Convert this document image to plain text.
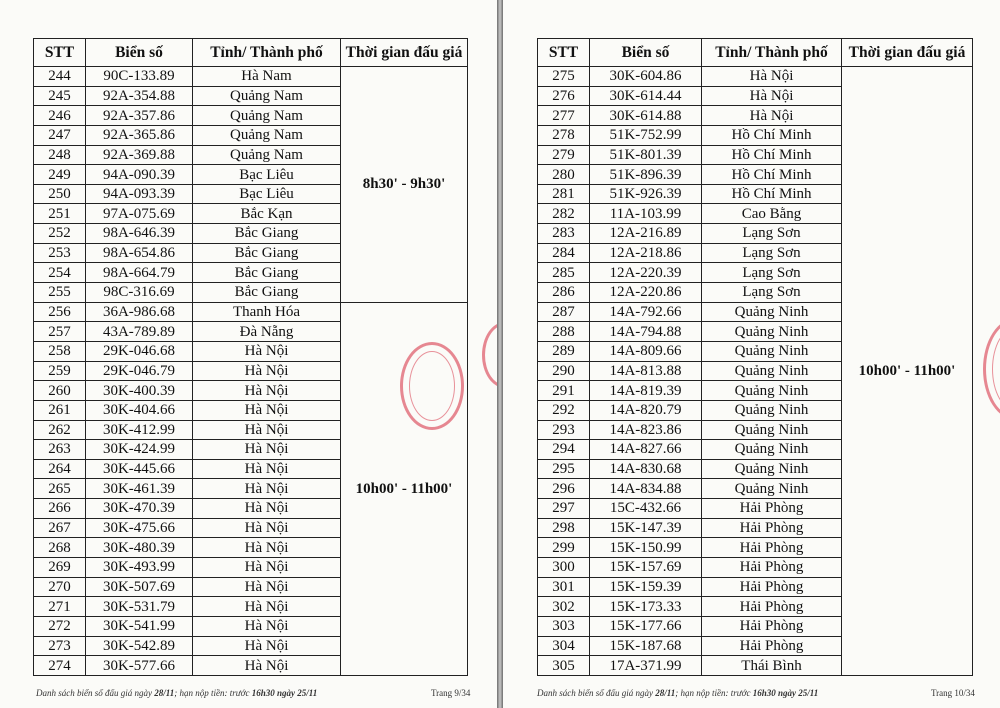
STT	Biển số	Tỉnh/ Thành phố	Thời gian đấu giá
244	90C-133.89	Hà Nam	8h30' - 9h30'
245	92A-354.88	Quảng Nam	
246	92A-357.86	Quảng Nam	
247	92A-365.86	Quảng Nam	
248	92A-369.88	Quảng Nam	
249	94A-090.39	Bạc Liêu	
250	94A-093.39	Bạc Liêu	
251	97A-075.69	Bắc Kạn	
252	98A-646.39	Bắc Giang	
253	98A-654.86	Bắc Giang	
254	98A-664.79	Bắc Giang	
255	98C-316.69	Bắc Giang	
256	36A-986.68	Thanh Hóa	10h00' - 11h00'
257	43A-789.89	Đà Nẵng	
258	29K-046.68	Hà Nội	
259	29K-046.79	Hà Nội	
260	30K-400.39	Hà Nội	
261	30K-404.66	Hà Nội	
262	30K-412.99	Hà Nội	
263	30K-424.99	Hà Nội	
264	30K-445.66	Hà Nội	
265	30K-461.39	Hà Nội	
266	30K-470.39	Hà Nội	
267	30K-475.66	Hà Nội	
268	30K-480.39	Hà Nội	
269	30K-493.99	Hà Nội	
270	30K-507.69	Hà Nội	
271	30K-531.79	Hà Nội	
272	30K-541.99	Hà Nội	
273	30K-542.89	Hà Nội	
274	30K-577.66	Hà Nội	
Danh sách biển số đấu giá ngày 28/11; hạn nộp tiền: trước 16h30 ngày 25/11	Trang 9/34
STT	Biển số	Tỉnh/ Thành phố	Thời gian đấu giá
275	30K-604.86	Hà Nội	10h00' - 11h00'
276	30K-614.44	Hà Nội	
277	30K-614.88	Hà Nội	
278	51K-752.99	Hồ Chí Minh	
279	51K-801.39	Hồ Chí Minh	
280	51K-896.39	Hồ Chí Minh	
281	51K-926.39	Hồ Chí Minh	
282	11A-103.99	Cao Bằng	
283	12A-216.89	Lạng Sơn	
284	12A-218.86	Lạng Sơn	
285	12A-220.39	Lạng Sơn	
286	12A-220.86	Lạng Sơn	
287	14A-792.66	Quảng Ninh	
288	14A-794.88	Quảng Ninh	
289	14A-809.66	Quảng Ninh	
290	14A-813.88	Quảng Ninh	
291	14A-819.39	Quảng Ninh	
292	14A-820.79	Quảng Ninh	
293	14A-823.86	Quảng Ninh	
294	14A-827.66	Quảng Ninh	
295	14A-830.68	Quảng Ninh	
296	14A-834.88	Quảng Ninh	
297	15C-432.66	Hải Phòng	
298	15K-147.39	Hải Phòng	
299	15K-150.99	Hải Phòng	
300	15K-157.69	Hải Phòng	
301	15K-159.39	Hải Phòng	
302	15K-173.33	Hải Phòng	
303	15K-177.66	Hải Phòng	
304	15K-187.68	Hải Phòng	
305	17A-371.99	Thái Bình	
Danh sách biển số đấu giá ngày 28/11; hạn nộp tiền: trước 16h30 ngày 25/11	Trang 10/34
